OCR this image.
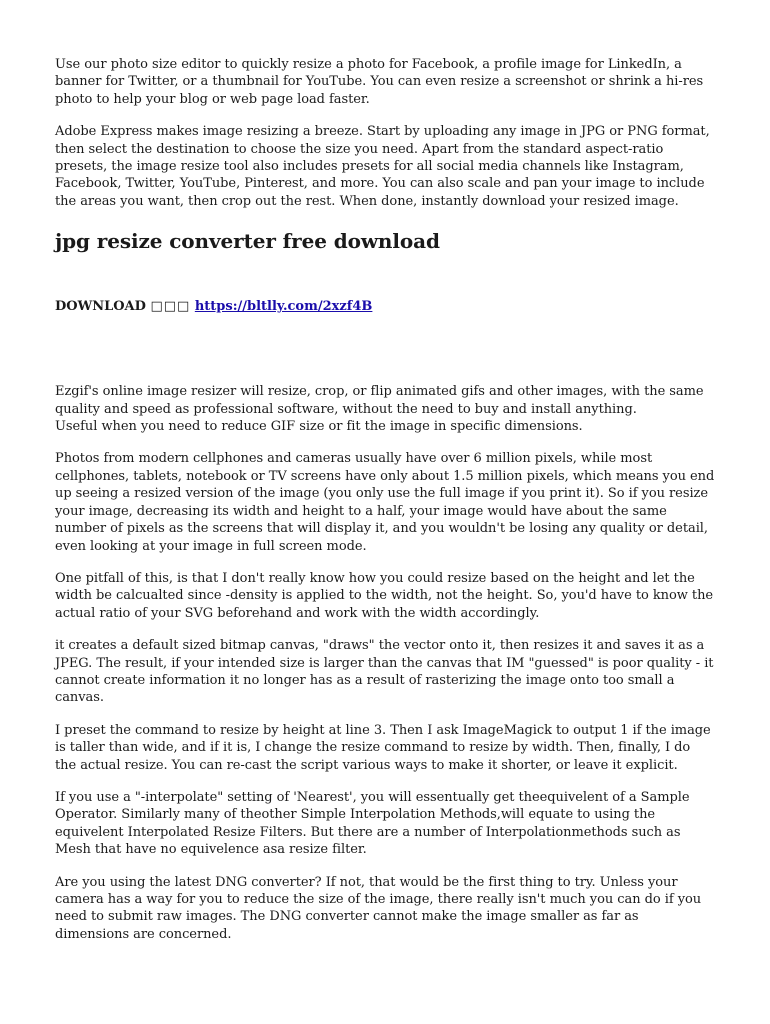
Use our photo size editor to quickly resize a photo for Facebook, a profile image for LinkedIn, a banner for Twitter, or a thumbnail for YouTube. You can even resize a screenshot or shrink a hi-res photo to help your blog or web page load faster.

Adobe Express makes image resizing a breeze. Start by uploading any image in JPG or PNG format, then select the destination to choose the size you need. Apart from the standard aspect-ratio presets, the image resize tool also includes presets for all social media channels like Instagram, Facebook, Twitter, YouTube, Pinterest, and more. You can also scale and pan your image to include the areas you want, then crop out the rest. When done, instantly download your resized image.

jpg resize converter free download
DOWNLOAD □□□ https://bltlly.com/2xzf4B

Ezgif's online image resizer will resize, crop, or flip animated gifs and other images, with the same quality and speed as professional software, without the need to buy and install anything.

Useful when you need to reduce GIF size or fit the image in specific dimensions.

Photos from modern cellphones and cameras usually have over 6 million pixels, while most cellphones, tablets, notebook or TV screens have only about 1.5 million pixels, which means you end up seeing a resized version of the image (you only use the full image if you print it). So if you resize your image, decreasing its width and height to a half, your image would have about the same number of pixels as the screens that will display it, and you wouldn't be losing any quality or detail, even looking at your image in full screen mode.

One pitfall of this, is that I don't really know how you could resize based on the height and let the width be calcualted since -density is applied to the width, not the height. So, you'd have to know the actual ratio of your SVG beforehand and work with the width accordingly.

it creates a default sized bitmap canvas, "draws" the vector onto it, then resizes it and saves it as a JPEG. The result, if your intended size is larger than the canvas that IM "guessed" is poor quality - it cannot create information it no longer has as a result of rasterizing the image onto too small a canvas.

I preset the command to resize by height at line 3. Then I ask ImageMagick to output 1 if the image is taller than wide, and if it is, I change the resize command to resize by width. Then, finally, I do the actual resize. You can re-cast the script various ways to make it shorter, or leave it explicit.

If you use a "-interpolate" setting of 'Nearest', you will essentually get theequivelent of a Sample Operator. Similarly many of theother Simple Interpolation Methods,will equate to using the equivelent Interpolated Resize Filters. But there are a number of Interpolationmethods such as Mesh that have no equivelence asa resize filter.

Are you using the latest DNG converter? If not, that would be the first thing to try. Unless your camera has a way for you to reduce the size of the image, there really isn't much you can do if you need to submit raw images. The DNG converter cannot make the image smaller as far as dimensions are concerned.
